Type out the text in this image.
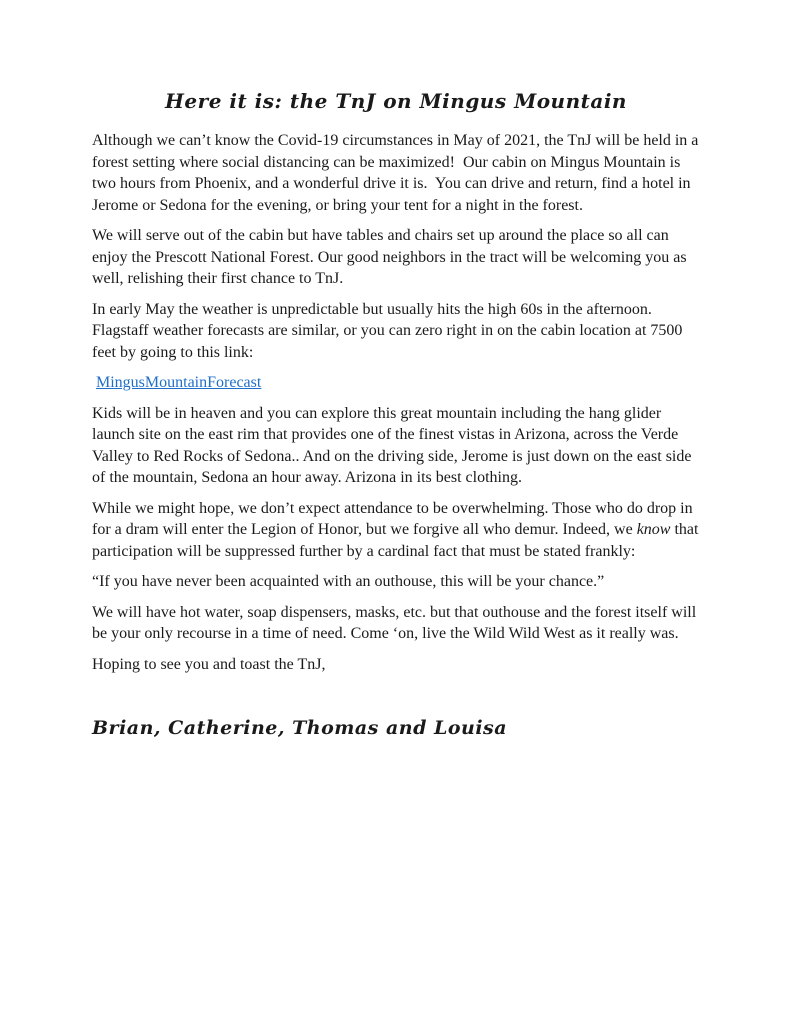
Here it is: the TnJ on Mingus Mountain

Although we can’t know the Covid-19 circumstances in May of 2021, the TnJ will be held in a forest setting where social distancing can be maximized!  Our cabin on Mingus Mountain is two hours from Phoenix, and a wonderful drive it is.  You can drive and return, find a hotel in Jerome or Sedona for the evening, or bring your tent for a night in the forest.

We will serve out of the cabin but have tables and chairs set up around the place so all can enjoy the Prescott National Forest. Our good neighbors in the tract will be welcoming you as well, relishing their first chance to TnJ.

In early May the weather is unpredictable but usually hits the high 60s in the afternoon. Flagstaff weather forecasts are similar, or you can zero right in on the cabin location at 7500 feet by going to this link:

MingusMountainForecast

Kids will be in heaven and you can explore this great mountain including the hang glider launch site on the east rim that provides one of the finest vistas in Arizona, across the Verde Valley to Red Rocks of Sedona.. And on the driving side, Jerome is just down on the east side of the mountain, Sedona an hour away. Arizona in its best clothing.

While we might hope, we don’t expect attendance to be overwhelming. Those who do drop in for a dram will enter the Legion of Honor, but we forgive all who demur. Indeed, we know that participation will be suppressed further by a cardinal fact that must be stated frankly:

“If you have never been acquainted with an outhouse, this will be your chance.”

We will have hot water, soap dispensers, masks, etc. but that outhouse and the forest itself will be your only recourse in a time of need. Come ‘on, live the Wild Wild West as it really was.

Hoping to see you and toast the TnJ,

Brian, Catherine, Thomas and Louisa
